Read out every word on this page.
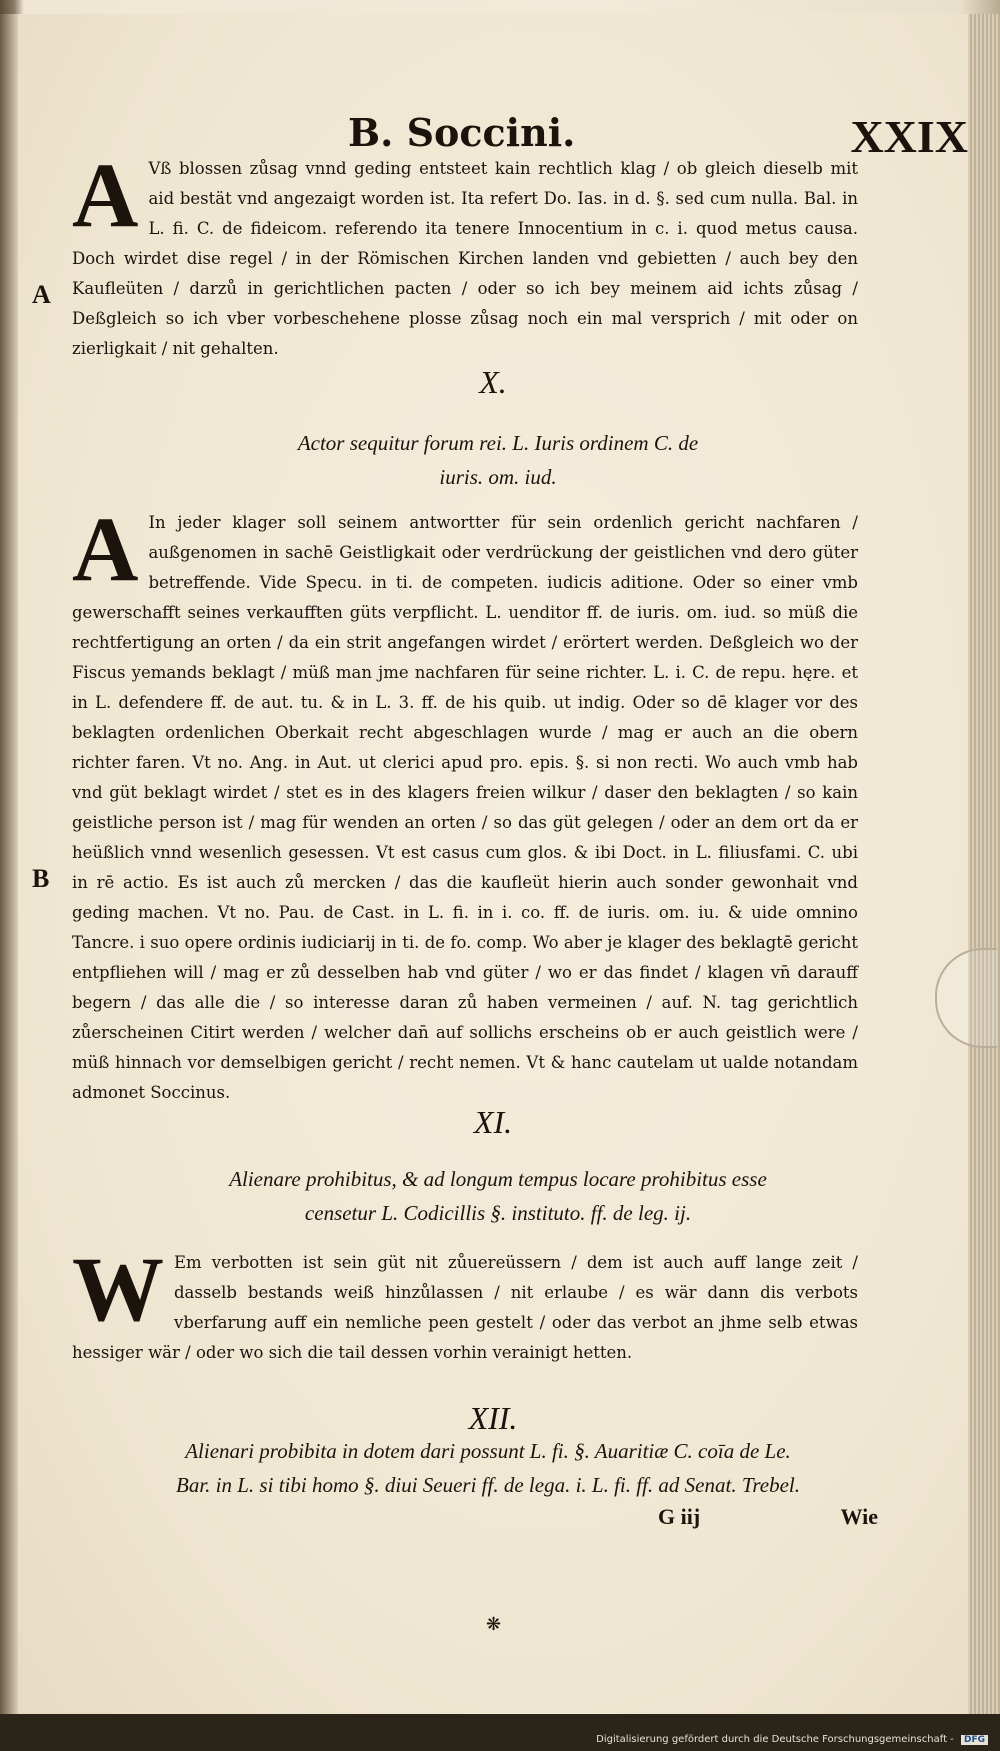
B. Soccini.	XXIX
A Vß blossen zůsag vnnd geding entsteet kain rechtlich klag / ob gleich dieselb mit aid bestät vnd angezaigt worden ist. Ita refert Do. Ias. in d. §. sed cum nulla. Bal. in L. fi. C. de fideicom. referendo ita tenere Innocentium in c. i. quod metus causa. Doch wirdet dise regel / in der Römischen Kirchen landen vnd gebietten / auch bey den Kaufleüten / darzů in gerichtlichen pacten / oder so ich bey meinem aid ichts zůsag / Deßgleich so ich vber vorbeschehene plosse zůsag noch ein mal versprich / mit oder on zierligkait / nit gehalten.
A
X.
Actor sequitur forum rei. L. Iuris ordinem C. de
iuris. om. iud.
A In jeder klager soll seinem antwortter für sein ordenlich gericht nachfaren / außgenomen in sachē Geistligkait oder verdrückung der geistlichen vnd dero güter betreffende. Vide Specu. in ti. de competen. iudicis aditione. Oder so einer vmb gewerschafft seines verkaufften güts verpflicht. L. uenditor ff. de iuris. om. iud. so müß die rechtfertigung an orten / da ein strit angefangen wirdet / erörtert werden. Deßgleich wo der Fiscus yemands beklagt / müß man jme nachfaren für seine richter. L. i. C. de repu. hęre. et in L. defendere ff. de aut. tu. & in L. 3. ff. de his quib. ut indig. Oder so dē klager vor des beklagten ordenlichen Oberkait recht abgeschlagen wurde / mag er auch an die obern richter faren. Vt no. Ang. in Aut. ut clerici apud pro. epis. §. si non recti. Wo auch vmb hab vnd güt beklagt wirdet / stet es in des klagers freien wilkur / daser den beklagten / so kain geistliche person ist / mag für wenden an orten / so das güt gelegen / oder an dem ort da er heüßlich vnnd wesenlich gesessen. Vt est casus cum glos. & ibi Doct. in L. filiusfami. C. ubi in rē actio. Es ist auch zů mercken / das die kaufleüt hierin auch sonder gewonhait vnd geding machen. Vt no. Pau. de Cast. in L. fi. in i. co. ff. de iuris. om. iu. & uide omnino Tancre. i suo opere ordinis iudiciarij in ti. de fo. comp. Wo aber je klager des beklagtē gericht entpfliehen will / mag er zů desselben hab vnd güter / wo er das findet / klagen vn̄ darauff begern / das alle die / so interesse daran zů haben vermeinen / auf. N. tag gerichtlich zůerscheinen Citirt werden / welcher dan̄ auf sollichs erscheins ob er auch geistlich were / müß hinnach vor demselbigen gericht / recht nemen. Vt & hanc cautelam ut ualde notandam admonet Soccinus.
B
XI.
Alienare prohibitus, & ad longum tempus locare prohibitus esse
censetur L. Codicillis §. instituto. ff. de leg. ij.
W Em verbotten ist sein güt nit zůuereüssern / dem ist auch auff lange zeit / dasselb bestands weiß hinzůlassen / nit erlaube / es wär dann dis verbots vberfarung auff ein nemliche peen gestelt / oder das verbot an jhme selb etwas hessiger wär / oder wo sich die tail dessen vorhin verainigt hetten.
XII.
Alienari probibita in dotem dari possunt L. fi. §. Auaritiæ C. coīa de Le.
Bar. in L. si tibi homo §. diui Seueri ff. de lega. i. L. fi. ff. ad Senat. Trebel.
G iij	Wie
❋
Digitalisierung gefördert durch die Deutsche Forschungsgemeinschaft - DFG
